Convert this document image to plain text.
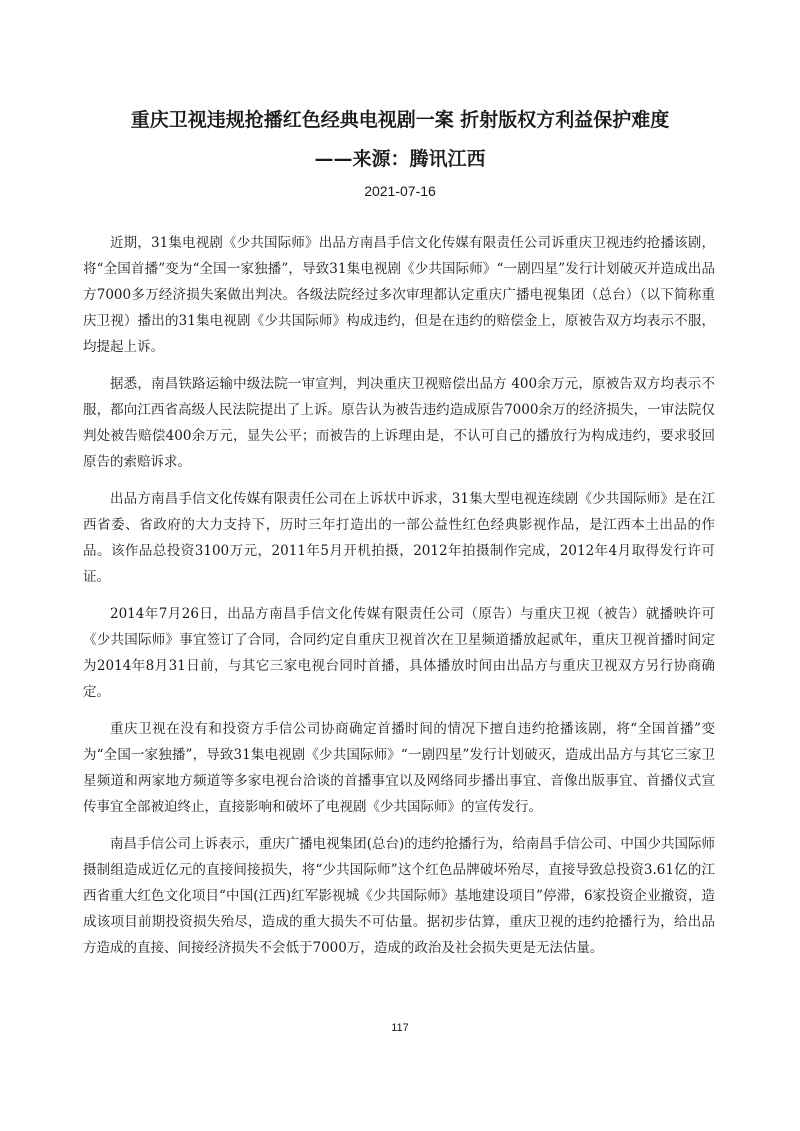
重庆卫视违规抢播红色经典电视剧一案 折射版权方利益保护难度
——来源：腾讯江西

2021-07-16

近期，31集电视剧《少共国际师》出品方南昌手信文化传媒有限责任公司诉重庆卫视违约抢播该剧，将“全国首播”变为“全国一家独播”，导致31集电视剧《少共国际师》“一剧四星”发行计划破灭并造成出品方7000多万经济损失案做出判决。各级法院经过多次审理都认定重庆广播电视集团（总台）（以下简称重庆卫视）播出的31集电视剧《少共国际师》构成违约，但是在违约的赔偿金上，原被告双方均表示不服，均提起上诉。

据悉，南昌铁路运输中级法院一审宣判，判决重庆卫视赔偿出品方 400余万元，原被告双方均表示不服，都向江西省高级人民法院提出了上诉。原告认为被告违约造成原告7000余万的经济损失，一审法院仅判处被告赔偿400余万元，显失公平；而被告的上诉理由是，不认可自己的播放行为构成违约，要求驳回原告的索赔诉求。

出品方南昌手信文化传媒有限责任公司在上诉状中诉求，31集大型电视连续剧《少共国际师》是在江西省委、省政府的大力支持下，历时三年打造出的一部公益性红色经典影视作品，是江西本土出品的作品。该作品总投资3100万元，2011年5月开机拍摄，2012年拍摄制作完成，2012年4月取得发行许可证。

2014年7月26日，出品方南昌手信文化传媒有限责任公司（原告）与重庆卫视（被告）就播映许可《少共国际师》事宜签订了合同，合同约定自重庆卫视首次在卫星频道播放起贰年，重庆卫视首播时间定为2014年8月31日前，与其它三家电视台同时首播，具体播放时间由出品方与重庆卫视双方另行协商确定。

重庆卫视在没有和投资方手信公司协商确定首播时间的情况下擅自违约抢播该剧，将“全国首播”变为“全国一家独播”，导致31集电视剧《少共国际师》“一剧四星”发行计划破灭，造成出品方与其它三家卫星频道和两家地方频道等多家电视台洽谈的首播事宜以及网络同步播出事宜、音像出版事宜、首播仪式宣传事宜全部被迫终止，直接影响和破坏了电视剧《少共国际师》的宣传发行。

南昌手信公司上诉表示，重庆广播电视集团(总台)的违约抢播行为，给南昌手信公司、中国少共国际师摄制组造成近亿元的直接间接损失，将“少共国际师”这个红色品牌破坏殆尽，直接导致总投资3.61亿的江西省重大红色文化项目“中国(江西)红军影视城《少共国际师》基地建设项目”停滞，6家投资企业撤资，造成该项目前期投资损失殆尽，造成的重大损失不可估量。据初步估算，重庆卫视的违约抢播行为，给出品方造成的直接、间接经济损失不会低于7000万，造成的政治及社会损失更是无法估量。

117
